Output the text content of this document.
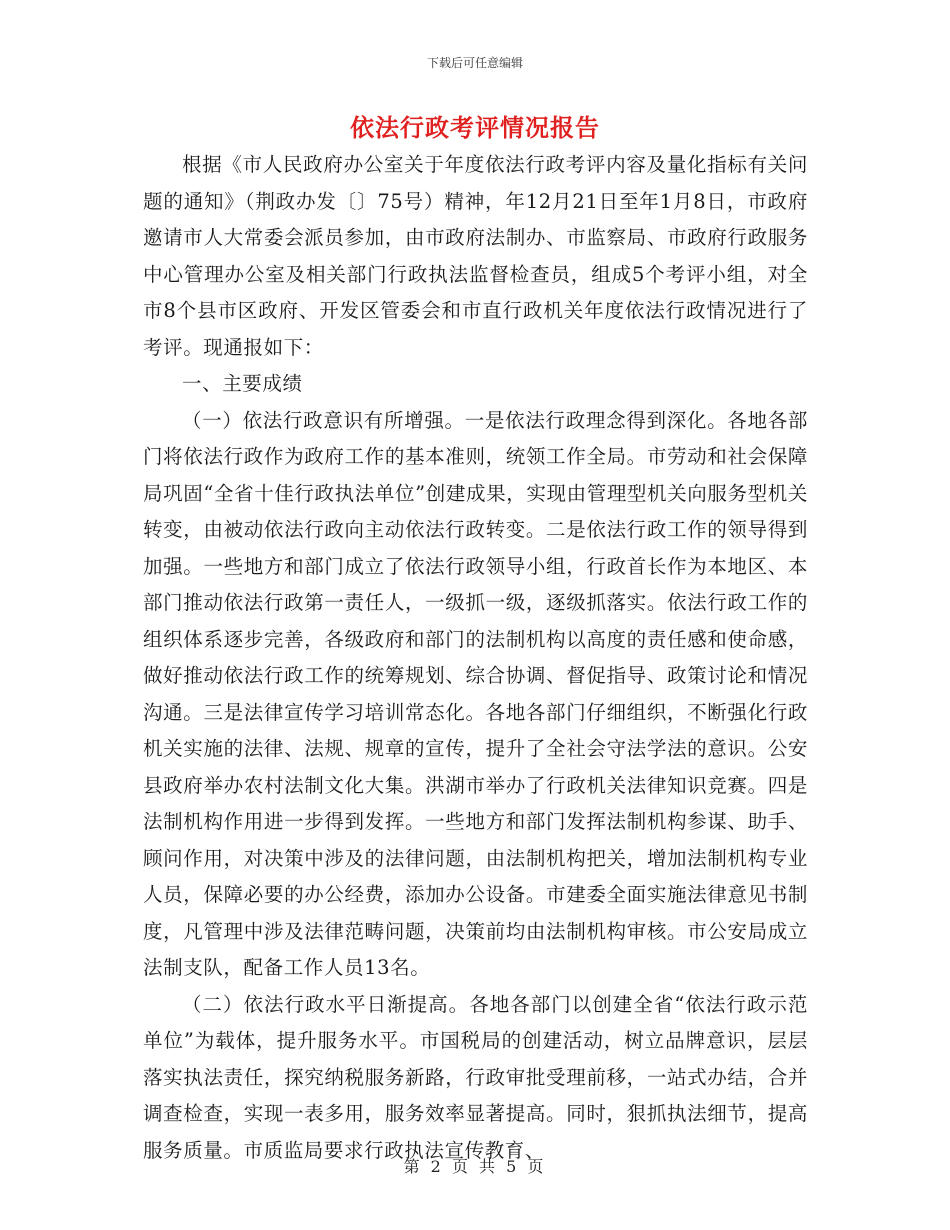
下载后可任意编辑
依法行政考评情况报告

根据《市人民政府办公室关于年度依法行政考评内容及量化指标有关问题的通知》（荆政办发〔〕75号）精神，年12月21日至年1月8日，市政府邀请市人大常委会派员参加，由市政府法制办、市监察局、市政府行政服务中心管理办公室及相关部门行政执法监督检查员，组成5个考评小组，对全市8个县市区政府、开发区管委会和市直行政机关年度依法行政情况进行了考评。现通报如下：

一、主要成绩

（一）依法行政意识有所增强。一是依法行政理念得到深化。各地各部门将依法行政作为政府工作的基本准则，统领工作全局。市劳动和社会保障局巩固“全省十佳行政执法单位”创建成果，实现由管理型机关向服务型机关转变，由被动依法行政向主动依法行政转变。二是依法行政工作的领导得到加强。一些地方和部门成立了依法行政领导小组，行政首长作为本地区、本部门推动依法行政第一责任人，一级抓一级，逐级抓落实。依法行政工作的组织体系逐步完善，各级政府和部门的法制机构以高度的责任感和使命感，做好推动依法行政工作的统筹规划、综合协调、督促指导、政策讨论和情况沟通。三是法律宣传学习培训常态化。各地各部门仔细组织，不断强化行政机关实施的法律、法规、规章的宣传，提升了全社会守法学法的意识。公安县政府举办农村法制文化大集。洪湖市举办了行政机关法律知识竞赛。四是法制机构作用进一步得到发挥。一些地方和部门发挥法制机构参谋、助手、顾问作用，对决策中涉及的法律问题，由法制机构把关，增加法制机构专业人员，保障必要的办公经费，添加办公设备。市建委全面实施法律意见书制度，凡管理中涉及法律范畴问题，决策前均由法制机构审核。市公安局成立法制支队，配备工作人员13名。

（二）依法行政水平日渐提高。各地各部门以创建全省“依法行政示范单位”为载体，提升服务水平。市国税局的创建活动，树立品牌意识，层层落实执法责任，探究纳税服务新路，行政审批受理前移，一站式办结，合并调查检查，实现一表多用，服务效率显著提高。同时，狠抓执法细节，提高服务质量。市质监局要求行政执法宣传教育、

第 2 页 共 5 页
